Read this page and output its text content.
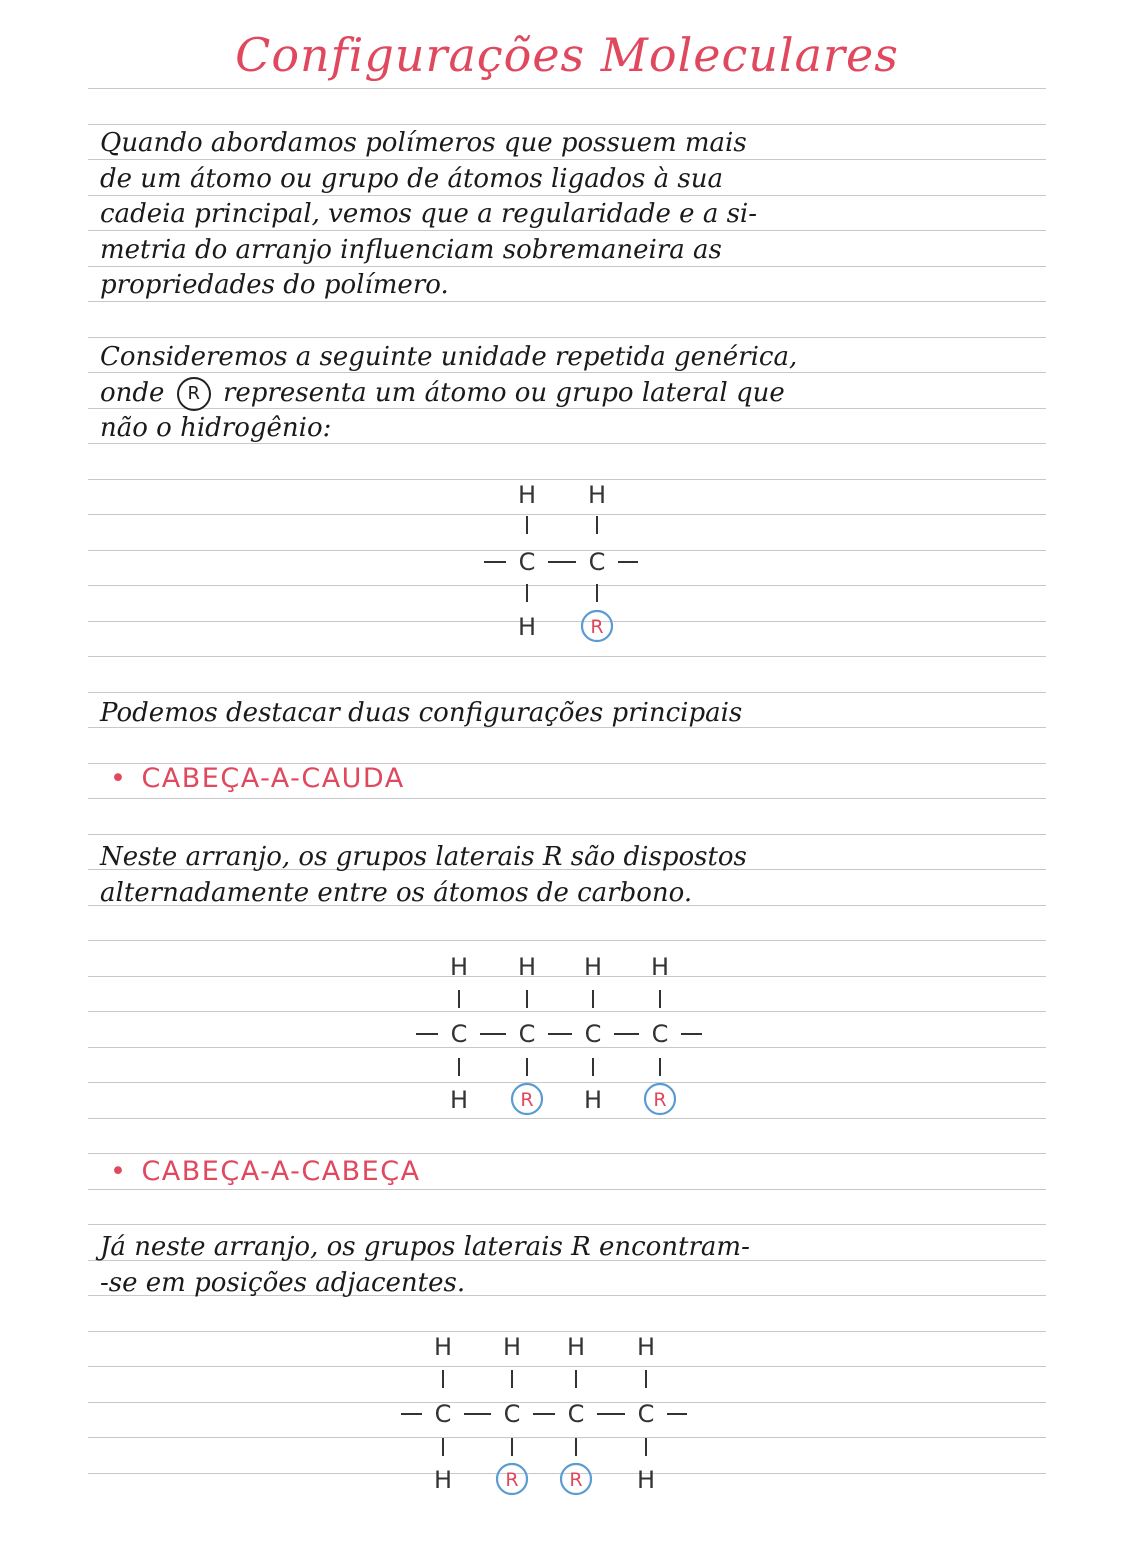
Configurações Moleculares
Quando abordamos polímeros que possuem mais
de um átomo ou grupo de átomos ligados à sua
cadeia principal, vemos que a regularidade e a si-
metria do arranjo influenciam sobremaneira as
propriedades do polímero.
Consideremos a seguinte unidade repetida genérica,
onde R representa um átomo ou grupo lateral que
não o hidrogênio:
H H
C C
H	R
Podemos destacar duas configurações principais
• CABEÇA-A-CAUDA
Neste arranjo, os grupos laterais R são dispostos
alternadamente entre os átomos de carbono.
H
C
H
H
C
R
H
C
H
H
C
R
• CABEÇA-A-CABEÇA
Já neste arranjo, os grupos laterais R encontram-
-se em posições adjacentes.
H
C
H
H
C
R
H
C
R
H
C
H
